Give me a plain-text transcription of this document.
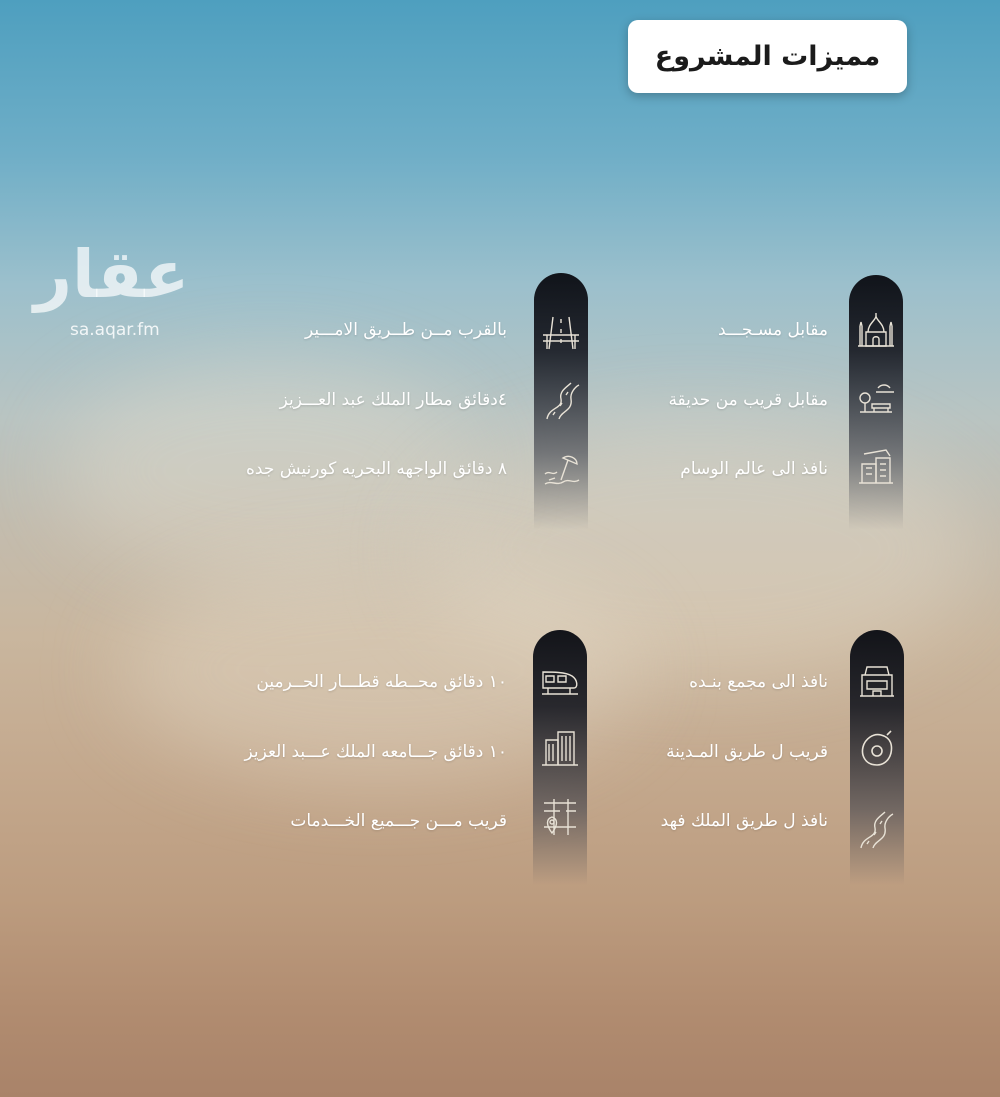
مميزات المشروع
عقار
sa.aqar.fm	مقابل مسـجـــد
مقابل قريب من حديقة
نافذ الى عالم الوسام
بالقرب مــن طــريق الامـــير
٤دقائق مطار الملك عبد العـــزيز
٨ دقائق الواجهه البحريه كورنيش جده
نافذ الى مجمع بنـده
قريب ل طريق المـدينة
نافذ ل طريق الملك فهد
١٠ دقائق محــطه قطـــار الحــرمين
١٠ دقائق جـــامعه الملك عـــبد العزيز
قريب مـــن جـــميع الخـــدمات
